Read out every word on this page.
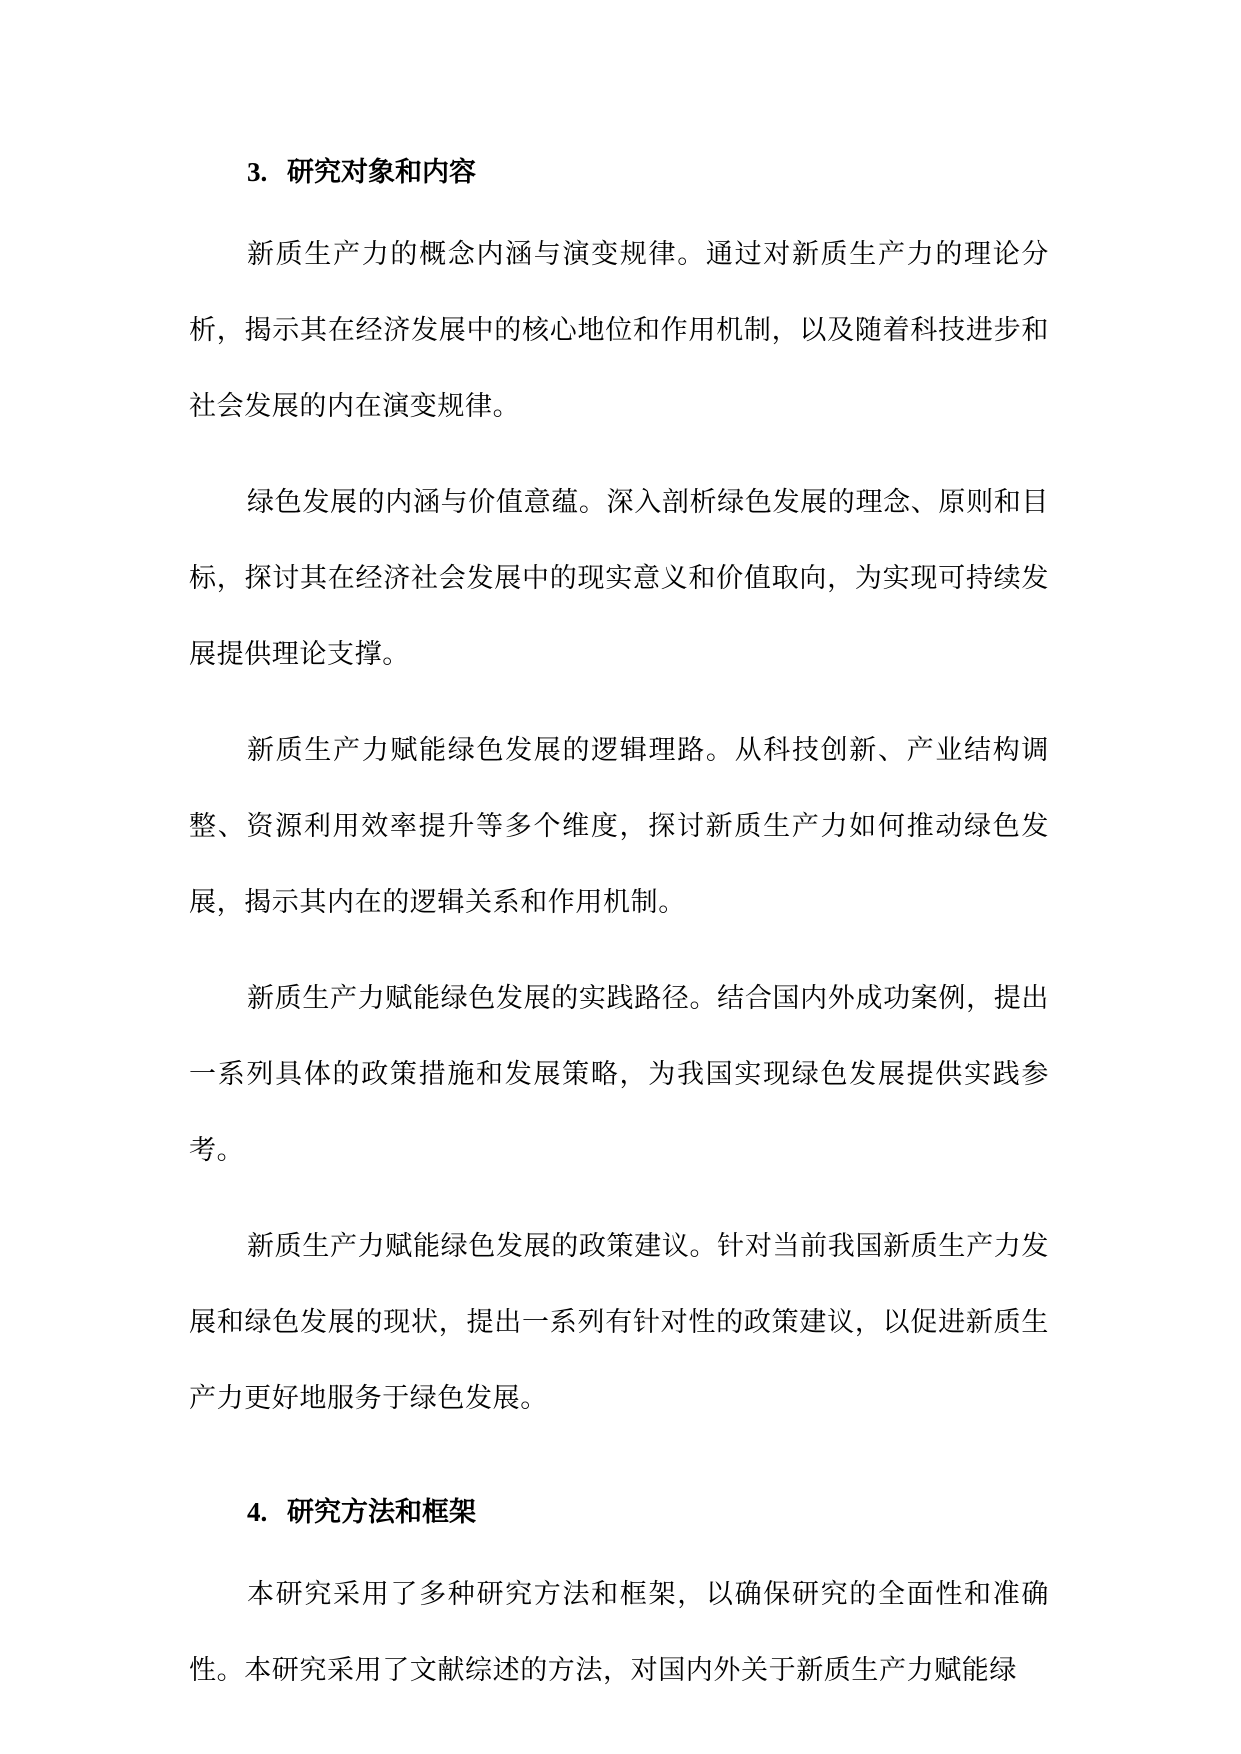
3. 研究对象和内容

新质生产力的概念内涵与演变规律。通过对新质生产力的理论分析，揭示其在经济发展中的核心地位和作用机制，以及随着科技进步和社会发展的内在演变规律。

绿色发展的内涵与价值意蕴。深入剖析绿色发展的理念、原则和目标，探讨其在经济社会发展中的现实意义和价值取向，为实现可持续发展提供理论支撑。

新质生产力赋能绿色发展的逻辑理路。从科技创新、产业结构调整、资源利用效率提升等多个维度，探讨新质生产力如何推动绿色发展，揭示其内在的逻辑关系和作用机制。

新质生产力赋能绿色发展的实践路径。结合国内外成功案例，提出一系列具体的政策措施和发展策略，为我国实现绿色发展提供实践参考。

新质生产力赋能绿色发展的政策建议。针对当前我国新质生产力发展和绿色发展的现状，提出一系列有针对性的政策建议，以促进新质生产力更好地服务于绿色发展。

4. 研究方法和框架

本研究采用了多种研究方法和框架，以确保研究的全面性和准确性。本研究采用了文献综述的方法，对国内外关于新质生产力赋能绿
